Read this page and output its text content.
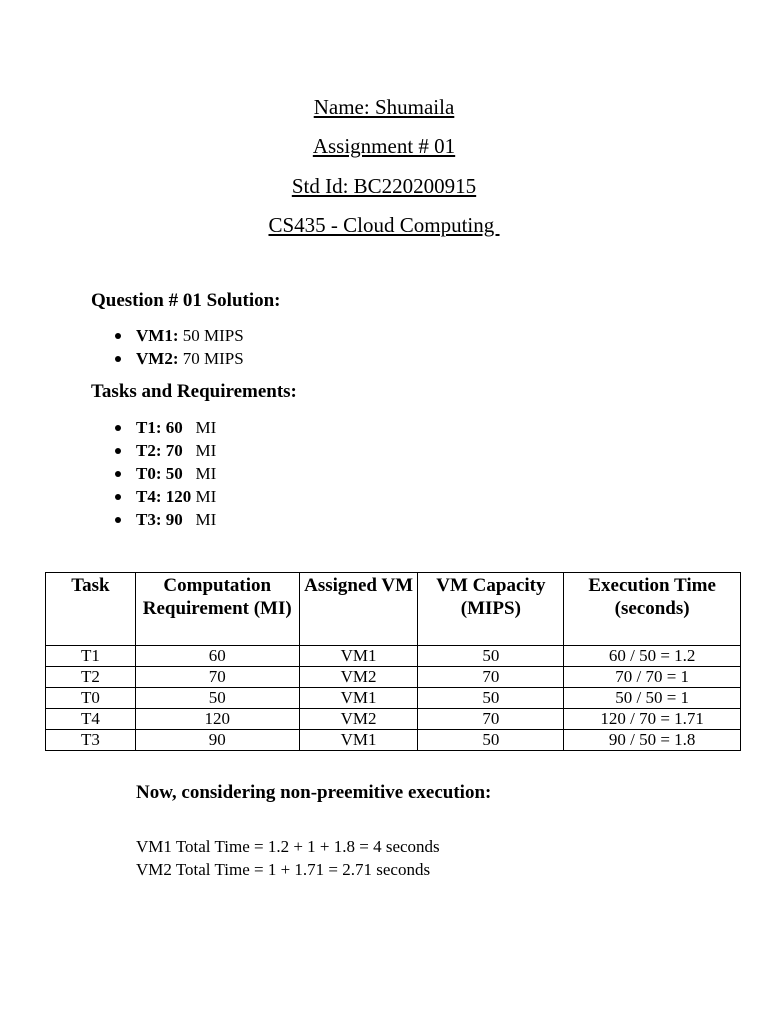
Name: Shumaila
Assignment # 01
Std Id: BC220200915
CS435 - Cloud Computing
Question # 01 Solution:
VM1: 50 MIPS
VM2: 70 MIPS
Tasks and Requirements:
T1: 60   MI
T2: 70   MI
T0: 50   MI
T4: 120 MI
T3: 90   MI
Task	Computation Requirement (MI)	Assigned VM	VM Capacity (MIPS)	Execution Time (seconds)
T1	60	VM1	50	60 / 50 = 1.2
T2	70	VM2	70	70 / 70 = 1
T0	50	VM1	50	50 / 50 = 1
T4	120	VM2	70	120 / 70 = 1.71
T3	90	VM1	50	90 / 50 = 1.8
Now, considering non-preemitive execution:
VM1 Total Time = 1.2 + 1 + 1.8 = 4 seconds
VM2 Total Time = 1 + 1.71 = 2.71 seconds
